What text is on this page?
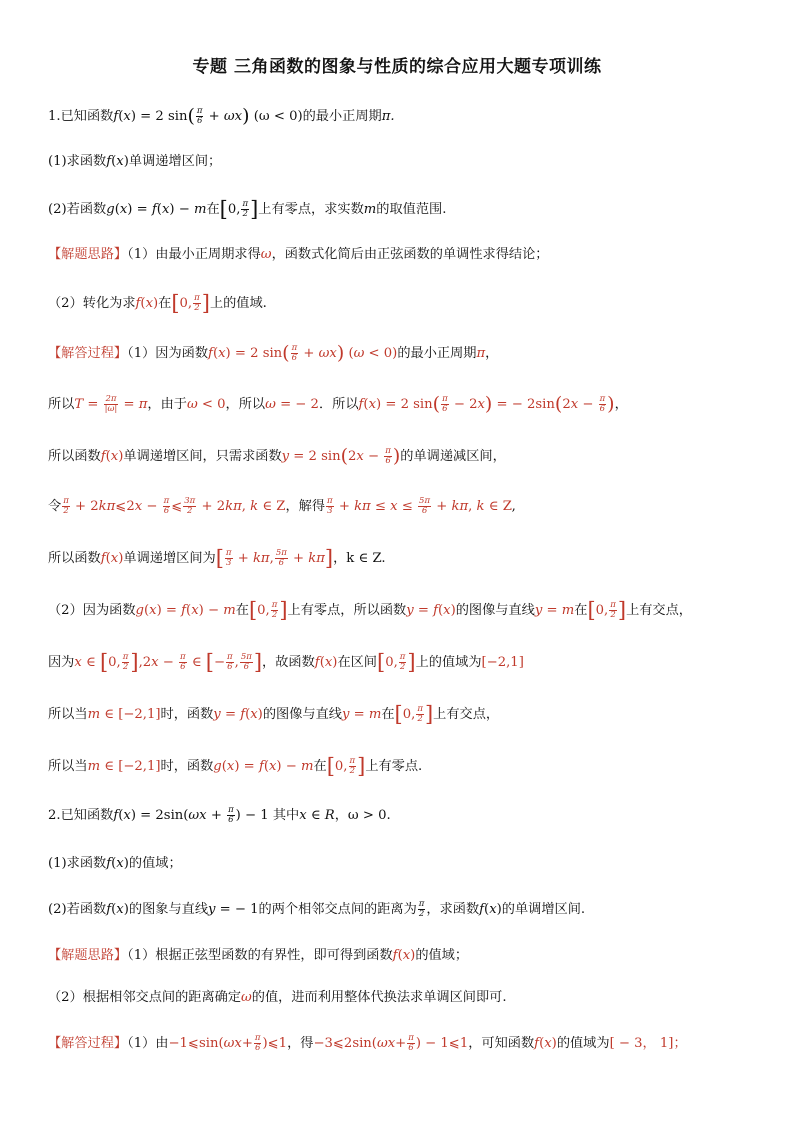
专题 三角函数的图象与性质的综合应用大题专项训练
1.已知函数f(x) = 2 $\sin( \frac{\pi}{6} + \omega x)$ (ω < 0)的最小正周期π.
(1)求函数f(x)单调递增区间；
(2)若函数g(x) = f(x) − m在[0, $\frac{\pi}{2}$ ]上有零点，求实数m的取值范围.
【解题思路】（1）由最小正周期求得ω，函数式化简后由正弦函数的单调性求得结论；
（2）转化为求f(x)在[0, $\frac{\pi}{2}$ ]上的值域.
【解答过程】（1）因为函数f(x) = 2 $\sin( \frac{\pi}{6} + \omega x)$ (ω < 0)的最小正周期π，
所以$T = \frac{2\pi}{|\omega|} = \pi$，由于ω < 0，所以ω = − 2．所以f(x) = 2 $\sin( \frac{\pi}{6} - 2x)$ = − $2\sin(2x - \frac{\pi}{6}$ )，
所以函数f(x)单调递增区间，只需求函数y = 2 $\sin(2x - \frac{\pi}{6}$ )的单调递减区间，
令 $\frac{\pi}{2}$ + 2kπ⩽2x − $\frac{\pi}{6}$ ⩽ $\frac{3\pi}{2} + 2k\pi$, k ∈ Z，解得 $\frac{\pi}{3} + k\pi \le x \le \frac{5\pi}{6} + k\pi$, k ∈ Z,
所以函数f(x)单调递增区间为[ $\frac{\pi}{3} + k\pi$, $\frac{5\pi}{6} + k\pi$]，k ∈ Z.
（2）因为函数g(x) = f(x) − m在[0, $\frac{\pi}{2}$ ]上有零点，所以函数y = f(x)的图像与直线y = m在[0, $\frac{\pi}{2}$ ]上有交点，
因为x ∈ [0, $\frac{\pi}{2} ],2x - \frac{\pi}{6}$ ∈ [− $\frac{\pi}{6}$ , $\frac{5\pi}{6}$ ]，故函数f(x)在区间[0, $\frac{\pi}{2}$ ]上的值域为[−2,1]
所以当m ∈ [−2,1]时，函数y = f(x)的图像与直线y = m在[0, $\frac{\pi}{2}$ ]上有交点，
所以当m ∈ [−2,1]时，函数g(x) = f(x) − m在[0, $\frac{\pi}{2}$ ]上有零点.
2.已知函数$f(x) = 2\sin(\omega x + \frac{\pi}{6}$ ) − 1 其中x ∈ R，ω > 0.
(1)求函数f(x)的值域；
(2)若函数f(x)的图象与直线y = − 1的两个相邻交点间的距离为 $\frac{\pi}{2}$ ，求函数f(x)的单调增区间.
【解题思路】（1）根据正弦型函数的有界性，即可得到函数f(x)的值域；
（2）根据相邻交点间的距离确定ω的值，进而利用整体代换法求单调区间即可.
【解答过程】（1）由−1⩽sin(ωx+ $\frac{\pi}{6}$ )⩽1，得−3⩽2sin(ωx+ $\frac{\pi}{6}$ ) − 1⩽1，可知函数f(x)的值域为[ − 3， 1]；
